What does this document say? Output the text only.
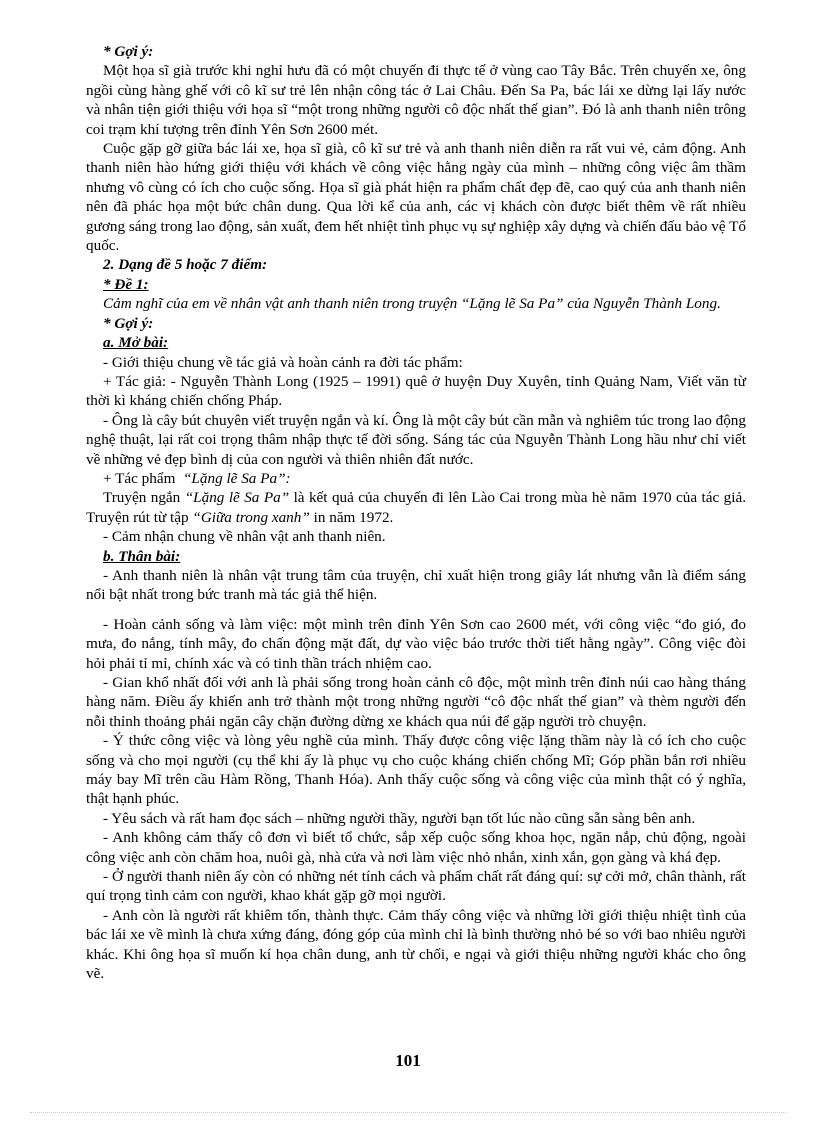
* Gợi ý:

Một họa sĩ già trước khi nghỉ hưu đã có một chuyến đi thực tế ở vùng cao Tây Bắc. Trên chuyến xe, ông ngồi cùng hàng ghế với cô kĩ sư trẻ lên nhận công tác ở Lai Châu. Đến Sa Pa, bác lái xe dừng lại lấy nước và nhân tiện giới thiệu với họa sĩ “một trong những người cô độc nhất thế gian”. Đó là anh thanh niên trông coi trạm khí tượng trên đỉnh Yên Sơn 2600 mét.

Cuộc gặp gỡ giữa bác lái xe, họa sĩ già, cô kĩ sư trẻ và anh thanh niên diễn ra rất vui vẻ, cảm động. Anh thanh niên hào hứng giới thiệu với khách về công việc hằng ngày của mình – những công việc âm thầm nhưng vô cùng có ích cho cuộc sống. Họa sĩ già phát hiện ra phẩm chất đẹp đẽ, cao quý của anh thanh niên nên đã phác họa một bức chân dung. Qua lời kể của anh, các vị khách còn được biết thêm về rất nhiều gương sáng trong lao động, sản xuất, đem hết nhiệt tình phục vụ sự nghiệp xây dựng và chiến đấu bảo vệ Tổ quốc.

2. Dạng đề 5 hoặc 7 điểm:

* Đề 1:

Cảm nghĩ của em về nhân vật anh thanh niên trong truyện “Lặng lẽ Sa Pa” của Nguyễn Thành Long.

* Gợi ý:

a. Mở bài:

- Giới thiệu chung về tác giả và hoàn cảnh ra đời tác phẩm:

+ Tác giả: - Nguyễn Thành Long (1925 – 1991) quê ở huyện Duy Xuyên, tỉnh Quảng Nam, Viết văn từ thời kì kháng chiến chống Pháp.

- Ông là cây bút chuyên viết truyện ngắn và kí. Ông là một cây bút cần mẫn và nghiêm túc trong lao động nghệ thuật, lại rất coi trọng thâm nhập thực tế đời sống. Sáng tác của Nguyễn Thành Long hầu như chỉ viết về những vẻ đẹp bình dị của con người và thiên nhiên đất nước.

+ Tác phẩm “Lặng lẽ Sa Pa”:

Truyện ngắn “Lặng lẽ Sa Pa” là kết quả của chuyến đi lên Lào Cai trong mùa hè năm 1970 của tác giả. Truyện rút từ tập “Giữa trong xanh” in năm 1972.

- Cảm nhận chung về nhân vật anh thanh niên.

b. Thân bài:

- Anh thanh niên là nhân vật trung tâm của truyện, chỉ xuất hiện trong giây lát nhưng vẫn là điểm sáng nổi bật nhất trong bức tranh mà tác giả thể hiện.

- Hoàn cảnh sống và làm việc: một mình trên đỉnh Yên Sơn cao 2600 mét, với công việc “đo gió, đo mưa, đo nắng, tính mây, đo chấn động mặt đất, dự vào việc báo trước thời tiết hằng ngày”. Công việc đòi hỏi phải tỉ mỉ, chính xác và có tinh thần trách nhiệm cao.

- Gian khổ nhất đối với anh là phải sống trong hoàn cảnh cô độc, một mình trên đỉnh núi cao hàng tháng hàng năm. Điều ấy khiến anh trở thành một trong những người “cô độc nhất thế gian” và thèm người đến nỗi thỉnh thoảng phải ngăn cây chặn đường dừng xe khách qua núi để gặp người trò chuyện.

- Ý thức công việc và lòng yêu nghề của mình. Thấy được công việc lặng thầm này là có ích cho cuộc sống và cho mọi người (cụ thể khi ấy là phục vụ cho cuộc kháng chiến chống Mĩ; Góp phần bắn rơi nhiều máy bay Mĩ trên cầu Hàm Rồng, Thanh Hóa). Anh thấy cuộc sống và công việc của mình thật có ý nghĩa, thật hạnh phúc.

- Yêu sách và rất ham đọc sách – những người thầy, người bạn tốt lúc nào cũng sẵn sàng bên anh.

- Anh không cảm thấy cô đơn vì biết tổ chức, sắp xếp cuộc sống khoa học, ngăn nắp, chủ động, ngoài công việc anh còn chăm hoa, nuôi gà, nhà cửa và nơi làm việc nhỏ nhắn, xinh xắn, gọn gàng và khá đẹp.

- Ở người thanh niên ấy còn có những nét tính cách và phẩm chất rất đáng quí: sự cởi mở, chân thành, rất quí trọng tình cảm con người, khao khát gặp gỡ mọi người.

- Anh còn là người rất khiêm tốn, thành thực. Cảm thấy công việc và những lời giới thiệu nhiệt tình của bác lái xe về mình là chưa xứng đáng, đóng góp của mình chỉ là bình thường nhỏ bé so với bao nhiêu người khác. Khi ông họa sĩ muốn kí họa chân dung, anh từ chối, e ngại và giới thiệu những người khác cho ông vẽ.

101
